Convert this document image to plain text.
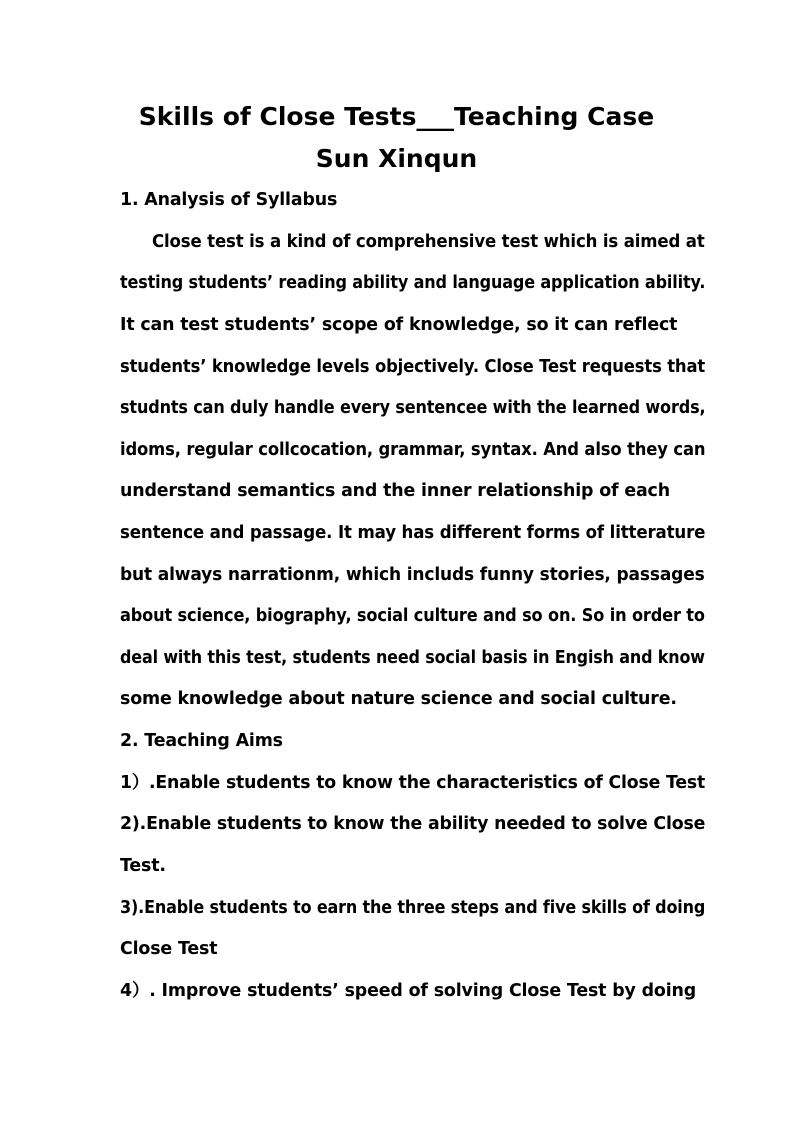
Skills of Close Tests___Teaching Case
Sun Xinqun
1. Analysis of Syllabus
Close test is a kind of comprehensive test which is aimed at
testing students’ reading ability and language application ability.
It can test students’ scope of knowledge, so it can reflect
students’ knowledge levels objectively. Close Test requests that
studnts can duly handle every sentencee with the learned words,
idoms, regular collcocation, grammar, syntax. And also they can
understand semantics and the inner relationship of each
sentence and passage. It may has different forms of litterature
but always narrationm, which includs funny stories, passages
about science, biography, social culture and so on. So in order to
deal with this test, students need social basis in Engish and know
some knowledge about nature science and social culture.
2. Teaching Aims
1）.Enable students to know the characteristics of Close Test
2).Enable students to know the ability needed to solve Close
Test.
3).Enable students to earn the three steps and five skills of doing
Close Test
4）. Improve students’ speed of solving Close Test by doing
